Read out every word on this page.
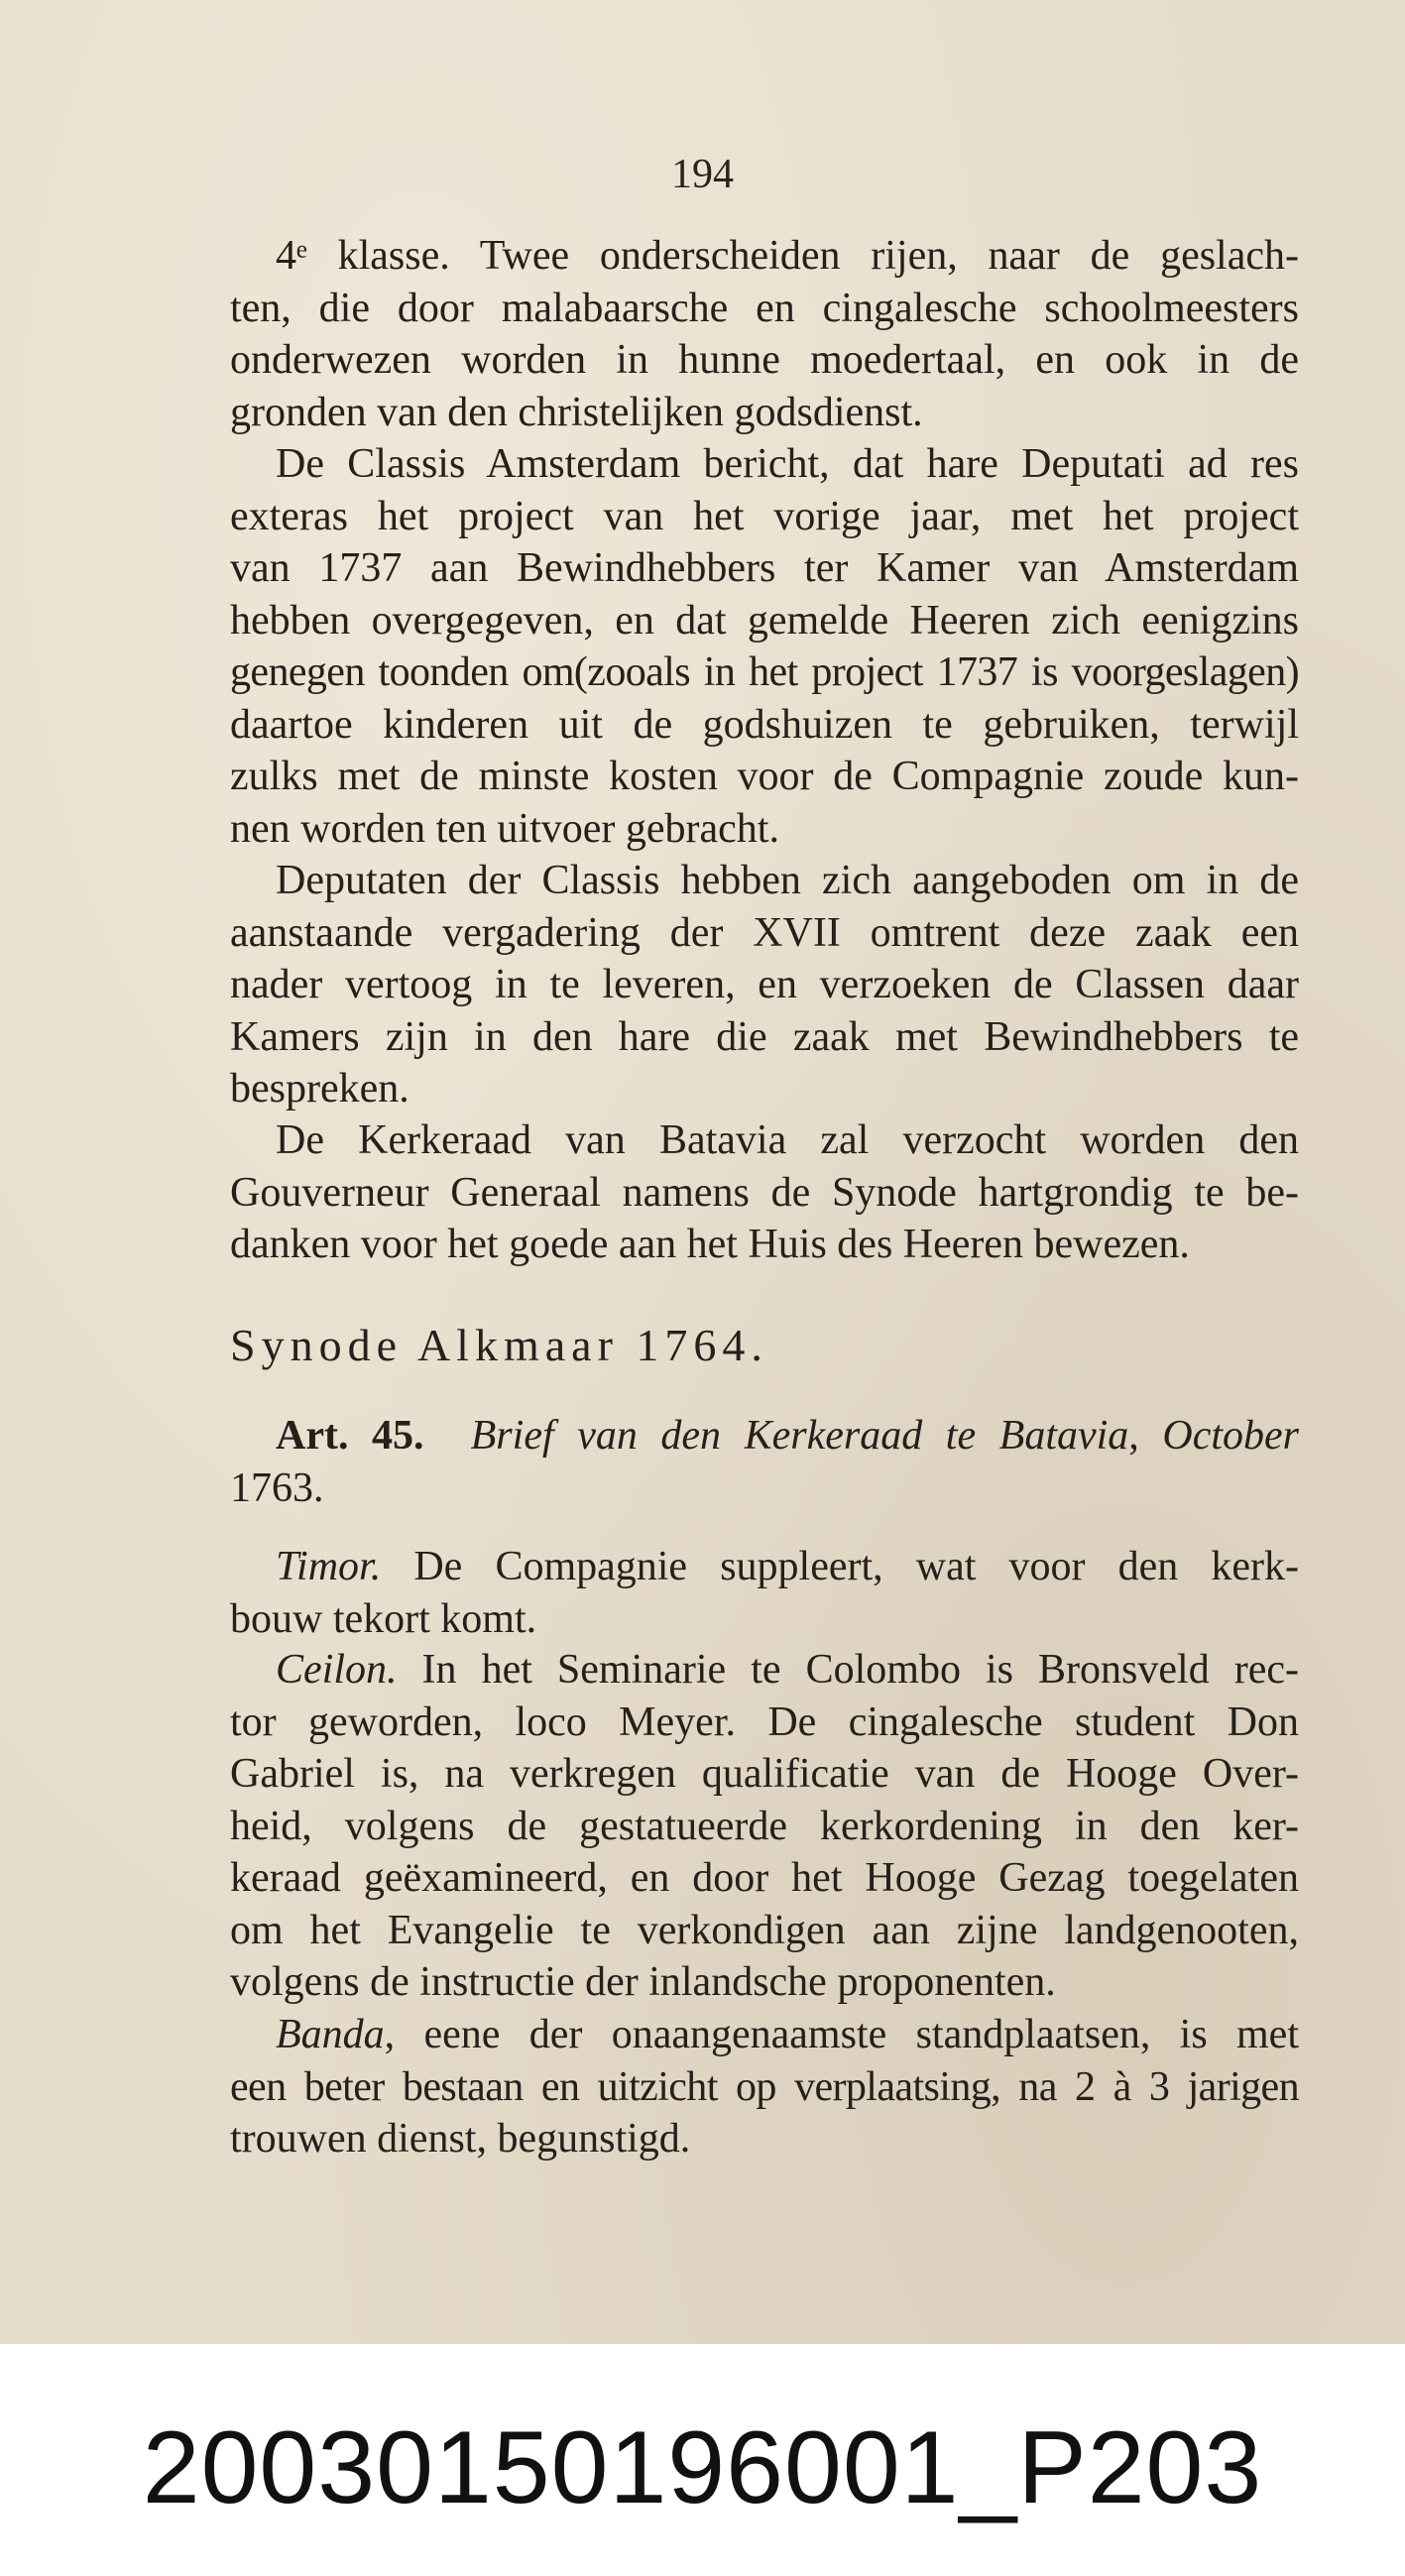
194
4ᵉ klasse. Twee onderscheiden rijen, naar de geslach-
ten, die door malabaarsche en cingalesche schoolmeesters
onderwezen worden in hunne moedertaal, en ook in de
gronden van den christelijken godsdienst.
De Classis Amsterdam bericht, dat hare Deputati ad res
exteras het project van het vorige jaar, met het project
van 1737 aan Bewindhebbers ter Kamer van Amsterdam
hebben overgegeven, en dat gemelde Heeren zich eenigzins
genegen toonden om(zooals in het project 1737 is voorgeslagen)
daartoe kinderen uit de godshuizen te gebruiken, terwijl
zulks met de minste kosten voor de Compagnie zoude kun-
nen worden ten uitvoer gebracht.
Deputaten der Classis hebben zich aangeboden om in de
aanstaande vergadering der XVII omtrent deze zaak een
nader vertoog in te leveren, en verzoeken de Classen daar
Kamers zijn in den hare die zaak met Bewindhebbers te
bespreken.
De Kerkeraad van Batavia zal verzocht worden den
Gouverneur Generaal namens de Synode hartgrondig te be-
danken voor het goede aan het Huis des Heeren bewezen.
Synode Alkmaar 1764.
Art. 45. Brief van den Kerkeraad te Batavia, October
1763.
Timor. De Compagnie suppleert, wat voor den kerk-
bouw tekort komt.
Ceilon. In het Seminarie te Colombo is Bronsveld rec-
tor geworden, loco Meyer. De cingalesche student Don
Gabriel is, na verkregen qualificatie van de Hooge Over-
heid, volgens de gestatueerde kerkordening in den ker-
keraad geëxamineerd, en door het Hooge Gezag toegelaten
om het Evangelie te verkondigen aan zijne landgenooten,
volgens de instructie der inlandsche proponenten.
Banda, eene der onaangenaamste standplaatsen, is met
een beter bestaan en uitzicht op verplaatsing, na 2 à 3 jarigen
trouwen dienst, begunstigd.
20030150196001_P203
